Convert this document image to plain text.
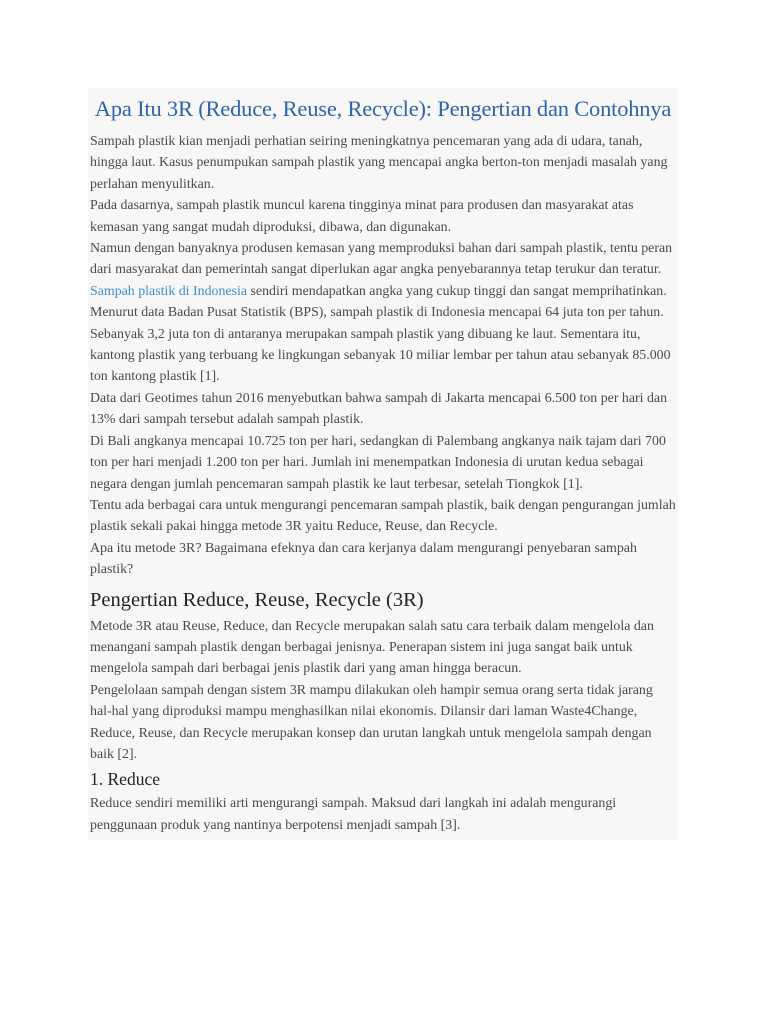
Apa Itu 3R (Reduce, Reuse, Recycle): Pengertian dan Contohnya

Sampah plastik kian menjadi perhatian seiring meningkatnya pencemaran yang ada di udara, tanah, hingga laut. Kasus penumpukan sampah plastik yang mencapai angka berton-ton menjadi masalah yang perlahan menyulitkan.

Pada dasarnya, sampah plastik muncul karena tingginya minat para produsen dan masyarakat atas kemasan yang sangat mudah diproduksi, dibawa, dan digunakan.

Namun dengan banyaknya produsen kemasan yang memproduksi bahan dari sampah plastik, tentu peran dari masyarakat dan pemerintah sangat diperlukan agar angka penyebarannya tetap terukur dan teratur.

Sampah plastik di Indonesia sendiri mendapatkan angka yang cukup tinggi dan sangat memprihatinkan. Menurut data Badan Pusat Statistik (BPS), sampah plastik di Indonesia mencapai 64 juta ton per tahun.

Sebanyak 3,2 juta ton di antaranya merupakan sampah plastik yang dibuang ke laut. Sementara itu, kantong plastik yang terbuang ke lingkungan sebanyak 10 miliar lembar per tahun atau sebanyak 85.000 ton kantong plastik [1].

Data dari Geotimes tahun 2016 menyebutkan bahwa sampah di Jakarta mencapai 6.500 ton per hari dan 13% dari sampah tersebut adalah sampah plastik.

Di Bali angkanya mencapai 10.725 ton per hari, sedangkan di Palembang angkanya naik tajam dari 700 ton per hari menjadi 1.200 ton per hari. Jumlah ini menempatkan Indonesia di urutan kedua sebagai negara dengan jumlah pencemaran sampah plastik ke laut terbesar, setelah Tiongkok [1].

Tentu ada berbagai cara untuk mengurangi pencemaran sampah plastik, baik dengan pengurangan jumlah plastik sekali pakai hingga metode 3R yaitu Reduce, Reuse, dan Recycle.

Apa itu metode 3R? Bagaimana efeknya dan cara kerjanya dalam mengurangi penyebaran sampah plastik?

Pengertian Reduce, Reuse, Recycle (3R)

Metode 3R atau Reuse, Reduce, dan Recycle merupakan salah satu cara terbaik dalam mengelola dan menangani sampah plastik dengan berbagai jenisnya. Penerapan sistem ini juga sangat baik untuk mengelola sampah dari berbagai jenis plastik dari yang aman hingga beracun.

Pengelolaan sampah dengan sistem 3R mampu dilakukan oleh hampir semua orang serta tidak jarang hal-hal yang diproduksi mampu menghasilkan nilai ekonomis. Dilansir dari laman Waste4Change, Reduce, Reuse, dan Recycle merupakan konsep dan urutan langkah untuk mengelola sampah dengan baik [2].

1. Reduce

Reduce sendiri memiliki arti mengurangi sampah. Maksud dari langkah ini adalah mengurangi penggunaan produk yang nantinya berpotensi menjadi sampah [3].
